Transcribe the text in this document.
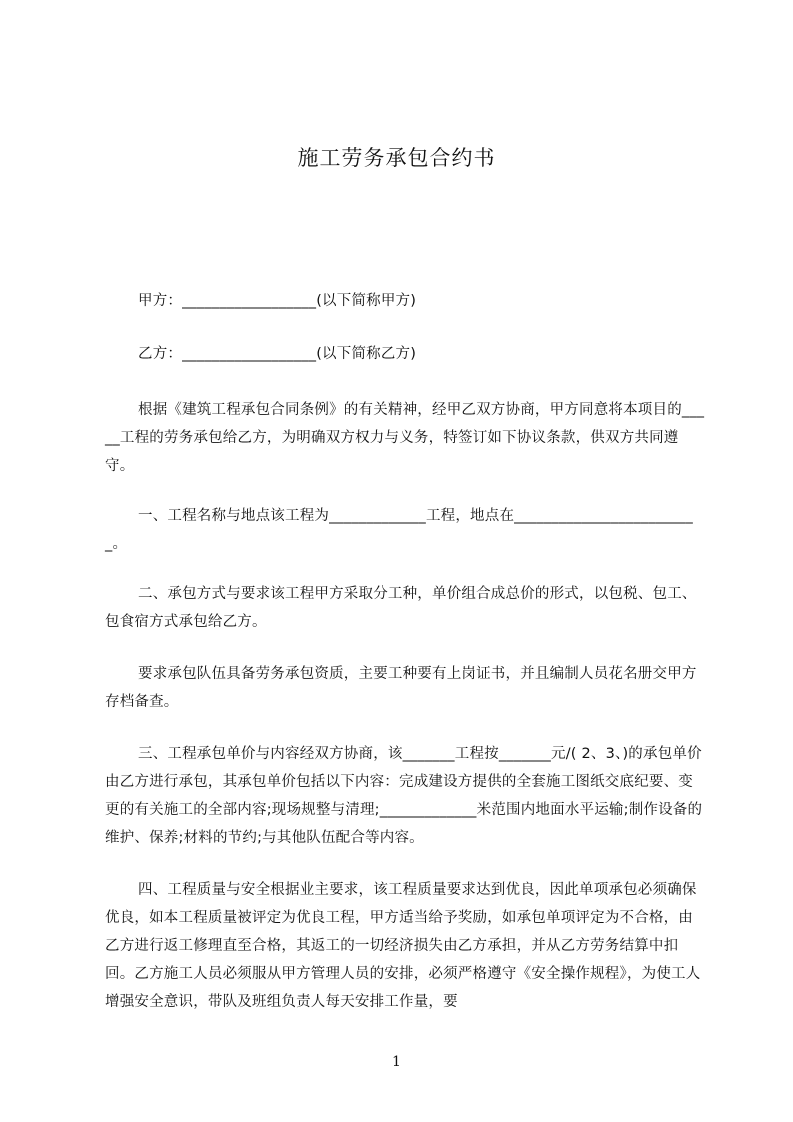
施工劳务承包合约书
甲方：__________________(以下简称甲方)
乙方：__________________(以下简称乙方)
根据《建筑工程承包合同条例》的有关精神，经甲乙双方协商，甲方同意将本项目的_____工程的劳务承包给乙方，为明确双方权力与义务，特签订如下协议条款，供双方共同遵守。
一、工程名称与地点该工程为_____________工程，地点在_________________________。
二、承包方式与要求该工程甲方采取分工种，单价组合成总价的形式，以包税、包工、包食宿方式承包给乙方。
要求承包队伍具备劳务承包资质，主要工种要有上岗证书，并且编制人员花名册交甲方存档备查。
三、工程承包单价与内容经双方协商，该_______工程按_______元/( 2、3、)的承包单价由乙方进行承包，其承包单价包括以下内容：完成建设方提供的全套施工图纸交底纪要、变更的有关施工的全部内容;现场规整与清理;_____________米范围内地面水平运输;制作设备的维护、保养;材料的节约;与其他队伍配合等内容。
四、工程质量与安全根据业主要求，该工程质量要求达到优良，因此单项承包必须确保优良，如本工程质量被评定为优良工程，甲方适当给予奖励，如承包单项评定为不合格，由乙方进行返工修理直至合格，其返工的一切经济损失由乙方承担，并从乙方劳务结算中扣回。乙方施工人员必须服从甲方管理人员的安排，必须严格遵守《安全操作规程》，为使工人增强安全意识，带队及班组负责人每天安排工作量，要
1
